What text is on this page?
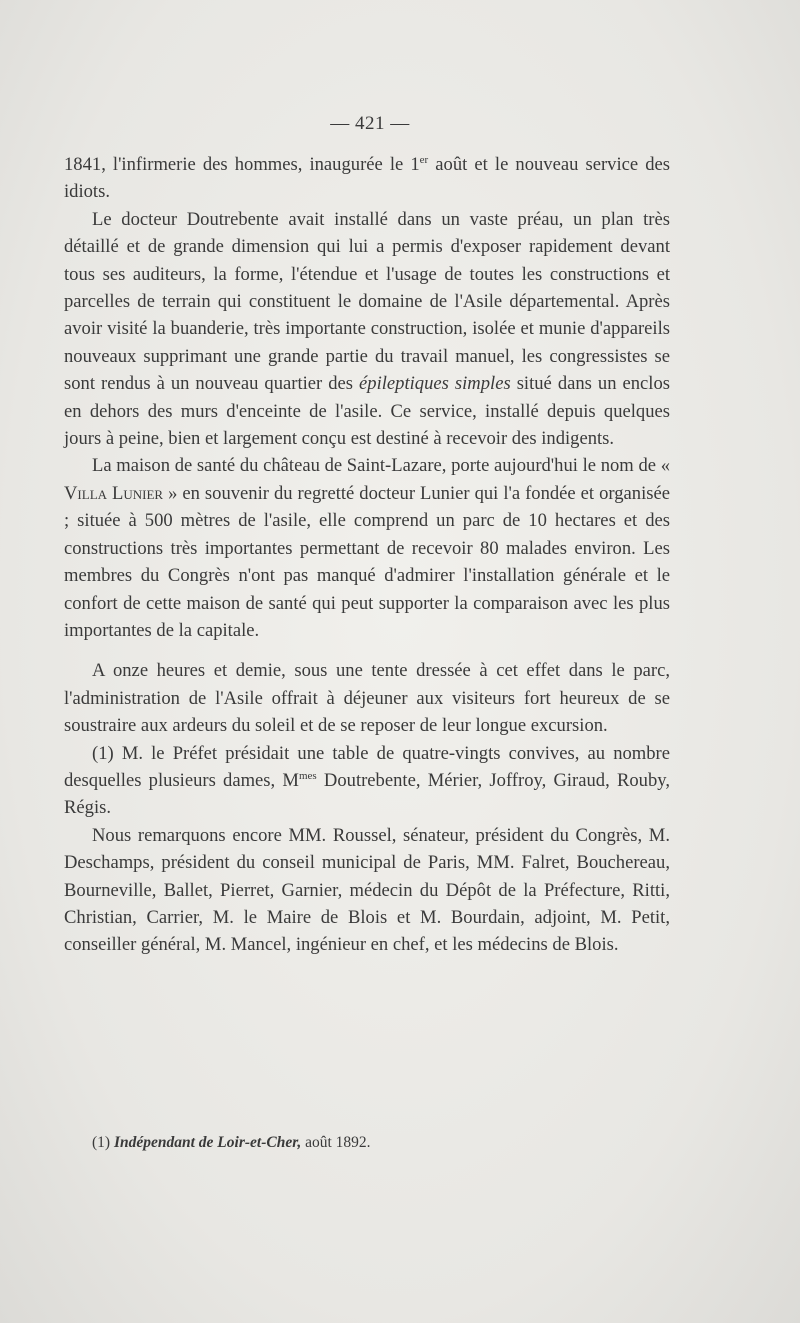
— 421 —

1841, l'infirmerie des hommes, inaugurée le 1er août et le nouveau service des idiots.

Le docteur Doutrebente avait installé dans un vaste préau, un plan très détaillé et de grande dimension qui lui a permis d'exposer rapidement devant tous ses auditeurs, la forme, l'étendue et l'usage de toutes les constructions et parcelles de terrain qui constituent le domaine de l'Asile départemental. Après avoir visité la buanderie, très importante construction, isolée et munie d'appareils nouveaux supprimant une grande partie du travail manuel, les congressistes se sont rendus à un nouveau quartier des épileptiques simples situé dans un enclos en dehors des murs d'enceinte de l'asile. Ce service, installé depuis quelques jours à peine, bien et largement conçu est destiné à recevoir des indigents.

La maison de santé du château de Saint-Lazare, porte aujourd'hui le nom de « Villa Lunier » en souvenir du regretté docteur Lunier qui l'a fondée et organisée ; située à 500 mètres de l'asile, elle comprend un parc de 10 hectares et des constructions très importantes permettant de recevoir 80 malades environ. Les membres du Congrès n'ont pas manqué d'admirer l'installation générale et le confort de cette maison de santé qui peut supporter la comparaison avec les plus importantes de la capitale.

A onze heures et demie, sous une tente dressée à cet effet dans le parc, l'administration de l'Asile offrait à déjeuner aux visiteurs fort heureux de se soustraire aux ardeurs du soleil et de se reposer de leur longue excursion.

(1) M. le Préfet présidait une table de quatre-vingts convives, au nombre desquelles plusieurs dames, $M^{mes}$ Doutrebente, Mérier, Joffroy, Giraud, Rouby, Régis.

Nous remarquons encore MM. Roussel, sénateur, président du Congrès, M. Deschamps, président du conseil municipal de Paris, MM. Falret, Bouchereau, Bourneville, Ballet, Pierret, Garnier, médecin du Dépôt de la Préfecture, Ritti, Christian, Carrier, M. le Maire de Blois et M. Bourdain, adjoint, M. Petit, conseiller général, M. Mancel, ingénieur en chef, et les médecins de Blois.

(1) Indépendant de Loir-et-Cher, août 1892.
